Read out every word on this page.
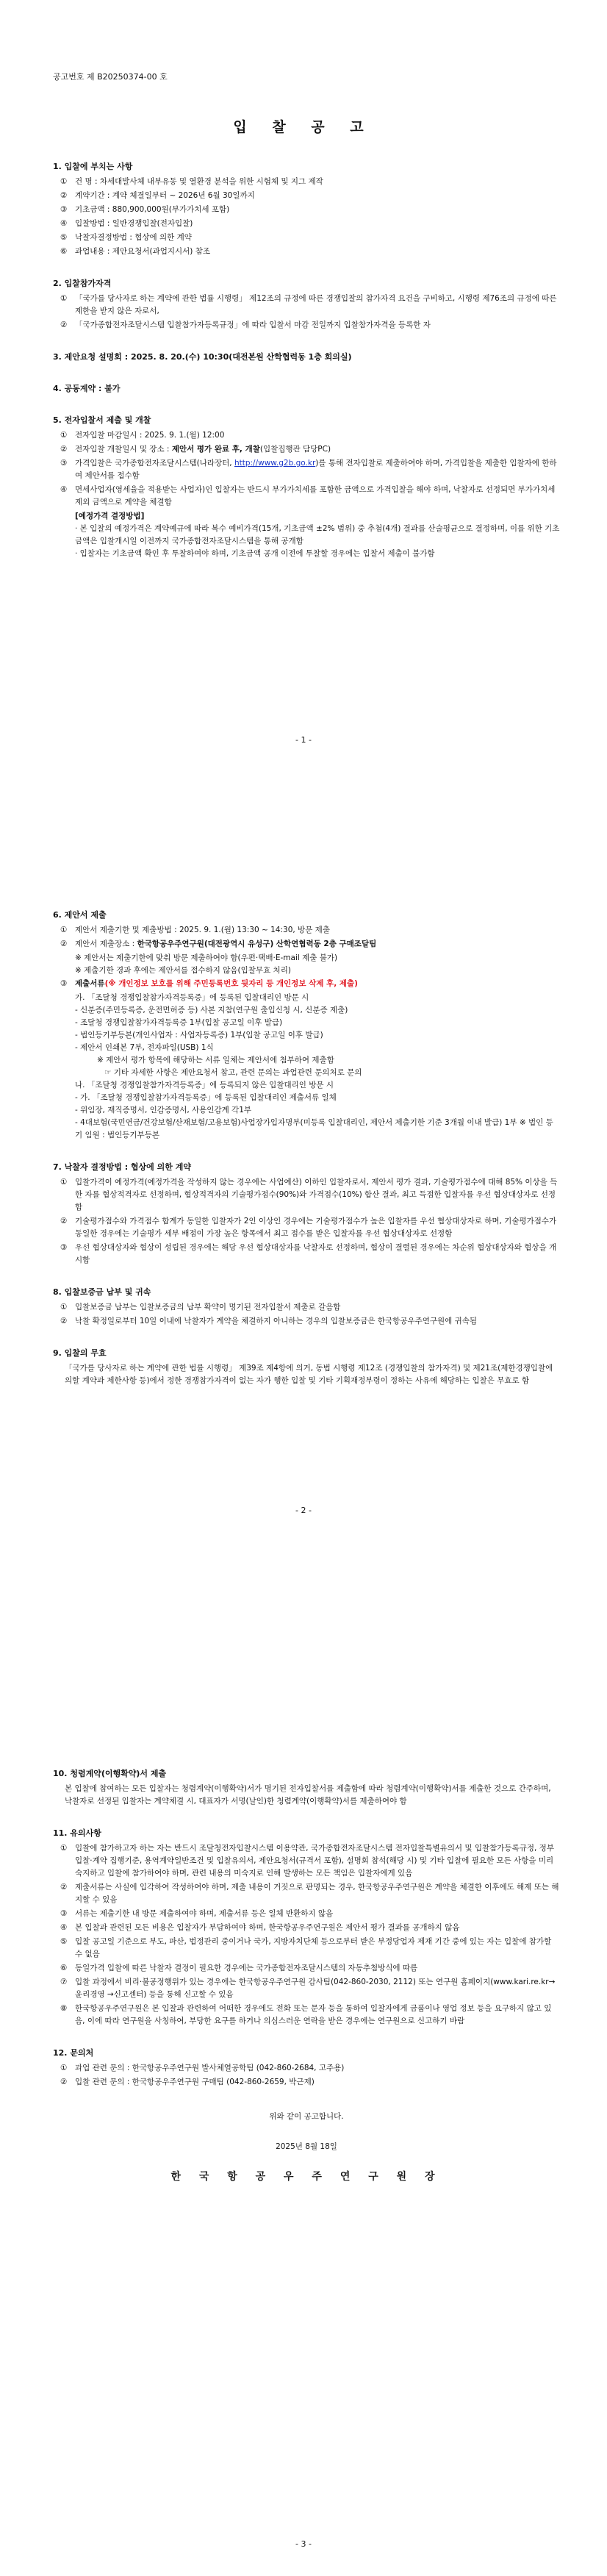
공고번호 제 B20250374-00 호
입 찰 공 고
1. 입찰에 부치는 사항
① 건 명 : 차세대발사체 내부유동 및 열환경 분석을 위한 시험체 및 지그 제작
② 계약기간 : 계약 체결일부터 ~ 2026년 6월 30일까지
③ 기초금액 : 880,900,000원(부가가치세 포함)
④ 입찰방법 : 일반경쟁입찰(전자입찰)
⑤ 낙찰자결정방법 : 협상에 의한 계약
⑥ 과업내용 : 제안요청서(과업지시서) 참조
2. 입찰참가자격
① 「국가를 당사자로 하는 계약에 관한 법률 시행령」 제12조의 규정에 따른 경쟁입찰의 참가자격 요건을 구비하고, 시행령 제76조의 규정에 따른 제한을 받지 않은 자로서,
② 「국가종합전자조달시스템 입찰참가자등록규정」에 따라 입찰서 마감 전일까지 입찰참가자격을 등록한 자
3. 제안요청 설명회 : 2025. 8. 20.(수) 10:30(대전본원 산학협력동 1층 회의실)
4. 공동계약 : 불가
5. 전자입찰서 제출 및 개찰
① 전자입찰 마감일시 : 2025. 9. 1.(월) 12:00
② 전자입찰 개찰일시 및 장소 : 제안서 평가 완료 후, 개찰(입찰집행관 담당PC)
③ 가격입찰은 국가종합전자조달시스템(나라장터, http://www.g2b.go.kr)를 통해 전자입찰로 제출하여야 하며, 가격입찰을 제출한 입찰자에 한하여 제안서를 접수함
④ 면세사업자(영세율을 적용받는 사업자)인 입찰자는 반드시 부가가치세를 포함한 금액으로 가격입찰을 해야 하며, 낙찰자로 선정되면 부가가치세 제외 금액으로 계약을 체결함
[예정가격 결정방법]
· 본 입찰의 예정가격은 계약예규에 따라 복수 예비가격(15개, 기초금액 ±2% 범위) 중 추첨(4개) 결과를 산술평균으로 결정하며, 이를 위한 기초금액은 입찰개시일 이전까지 국가종합전자조달시스템을 통해 공개함
· 입찰자는 기초금액 확인 후 투찰하여야 하며, 기초금액 공개 이전에 투찰할 경우에는 입찰서 제출이 불가함
- 1 -
6. 제안서 제출
① 제안서 제출기한 및 제출방법 : 2025. 9. 1.(월) 13:30 ~ 14:30, 방문 제출
② 제안서 제출장소 : 한국항공우주연구원(대전광역시 유성구) 산학연협력동 2층 구매조달팀
※ 제안서는 제출기한에 맞춰 방문 제출하여야 함(우편·택배·E-mail 제출 불가)
※ 제출기한 경과 후에는 제안서를 접수하지 않음(입찰무효 처리)
③ 제출서류(※ 개인정보 보호를 위해 주민등록번호 뒷자리 등 개인정보 삭제 후, 제출)
가. 「조달청 경쟁입찰참가자격등록증」에 등록된 입찰대리인 방문 시
- 신분증(주민등록증, 운전면허증 등) 사본 지참(연구원 출입신청 시, 신분증 제출)
- 조달청 경쟁입찰참가자격등록증 1부(입찰 공고일 이후 발급)
- 법인등기부등본(개인사업자 : 사업자등록증) 1부(입찰 공고일 이후 발급)
- 제안서 인쇄본 7부, 전자파일(USB) 1식
※ 제안서 평가 항목에 해당하는 서류 일체는 제안서에 첨부하여 제출함
☞ 기타 자세한 사항은 제안요청서 참고, 관련 문의는 과업관련 문의처로 문의
나. 「조달청 경쟁입찰참가자격등록증」에 등록되지 않은 입찰대리인 방문 시
- 가. 「조달청 경쟁입찰참가자격등록증」에 등록된 입찰대리인 제출서류 일체
- 위임장, 재직증명서, 인감증명서, 사용인감계 각1부
- 4대보험(국민연금/건강보험/산재보험/고용보험)사업장가입자명부(미등록 입찰대리인, 제안서 제출기한 기준 3개월 이내 발급) 1부 ※ 법인 등기 임원 : 법인등기부등본
7. 낙찰자 결정방법 : 협상에 의한 계약
① 입찰가격이 예정가격(예정가격을 작성하지 않는 경우에는 사업예산) 이하인 입찰자로서, 제안서 평가 결과, 기술평가점수에 대해 85% 이상을 득한 자를 협상적격자로 선정하며, 협상적격자의 기술평가점수(90%)와 가격점수(10%) 합산 결과, 최고 득점한 입찰자를 우선 협상대상자로 선정함
② 기술평가점수와 가격점수 합계가 동일한 입찰자가 2인 이상인 경우에는 기술평가점수가 높은 입찰자를 우선 협상대상자로 하며, 기술평가점수가 동일한 경우에는 기술평가 세부 배점이 가장 높은 항목에서 최고 점수를 받은 입찰자를 우선 협상대상자로 선정함
③ 우선 협상대상자와 협상이 성립된 경우에는 해당 우선 협상대상자를 낙찰자로 선정하며, 협상이 결렬된 경우에는 차순위 협상대상자와 협상을 개시함
8. 입찰보증금 납부 및 귀속
① 입찰보증금 납부는 입찰보증금의 납부 확약이 명기된 전자입찰서 제출로 갈음함
② 낙찰 확정일로부터 10일 이내에 낙찰자가 계약을 체결하지 아니하는 경우의 입찰보증금은 한국항공우주연구원에 귀속됨
9. 입찰의 무효
「국가를 당사자로 하는 계약에 관한 법률 시행령」 제39조 제4항에 의거, 동법 시행령 제12조 (경쟁입찰의 참가자격) 및 제21조(제한경쟁입찰에 의할 계약과 제한사항 등)에서 정한 경쟁참가자격이 없는 자가 행한 입찰 및 기타 기획재정부령이 정하는 사유에 해당하는 입찰은 무효로 함
- 2 -
10. 청렴계약(이행확약)서 제출
본 입찰에 참여하는 모든 입찰자는 청렴계약(이행확약)서가 명기된 전자입찰서를 제출함에 따라 청렴계약(이행확약)서를 제출한 것으로 간주하며, 낙찰자로 선정된 입찰자는 계약체결 시, 대표자가 서명(날인)한 청렴계약(이행확약)서를 제출하여야 함
11. 유의사항
① 입찰에 참가하고자 하는 자는 반드시 조달청전자입찰시스템 이용약관, 국가종합전자조달시스템 전자입찰특별유의서 및 입찰참가등록규정, 정부입찰·계약 집행기준, 용역계약일반조건 및 입찰유의서, 제안요청서(규격서 포함), 설명회 참석(해당 시) 및 기타 입찰에 필요한 모든 사항을 미리 숙지하고 입찰에 참가하여야 하며, 관련 내용의 미숙지로 인해 발생하는 모든 책임은 입찰자에게 있음
② 제출서류는 사실에 입각하여 작성하여야 하며, 제출 내용이 거짓으로 판명되는 경우, 한국항공우주연구원은 계약을 체결한 이후에도 해제 또는 해지할 수 있음
③ 서류는 제출기한 내 방문 제출하여야 하며, 제출서류 등은 일체 반환하지 않음
④ 본 입찰과 관련된 모든 비용은 입찰자가 부담하여야 하며, 한국항공우주연구원은 제안서 평가 결과를 공개하지 않음
⑤ 입찰 공고일 기준으로 부도, 파산, 법정관리 중이거나 국가, 지방자치단체 등으로부터 받은 부정당업자 제재 기간 중에 있는 자는 입찰에 참가할 수 없음
⑥ 동일가격 입찰에 따른 낙찰자 결정이 필요한 경우에는 국가종합전자조달시스템의 자동추첨방식에 따름
⑦ 입찰 과정에서 비리·불공정행위가 있는 경우에는 한국항공우주연구원 감사팀(042-860-2030, 2112) 또는 연구원 홈페이지(www.kari.re.kr→윤리경영 →신고센터) 등을 통해 신고할 수 있음
⑧ 한국항공우주연구원은 본 입찰과 관련하여 어떠한 경우에도 전화 또는 문자 등을 통하여 입찰자에게 금품이나 영업 정보 등을 요구하지 않고 있음, 이에 따라 연구원을 사칭하여, 부당한 요구를 하거나 의심스러운 연락을 받은 경우에는 연구원으로 신고하기 바람
12. 문의처
① 과업 관련 문의 : 한국항공우주연구원 발사체열공학팀 (042-860-2684, 고주용)
② 입찰 관련 문의 : 한국항공우주연구원 구매팀 (042-860-2659, 박근제)
위와 같이 공고합니다.
2025년 8월 18일
한 국 항 공 우 주 연 구 원 장
- 3 -
